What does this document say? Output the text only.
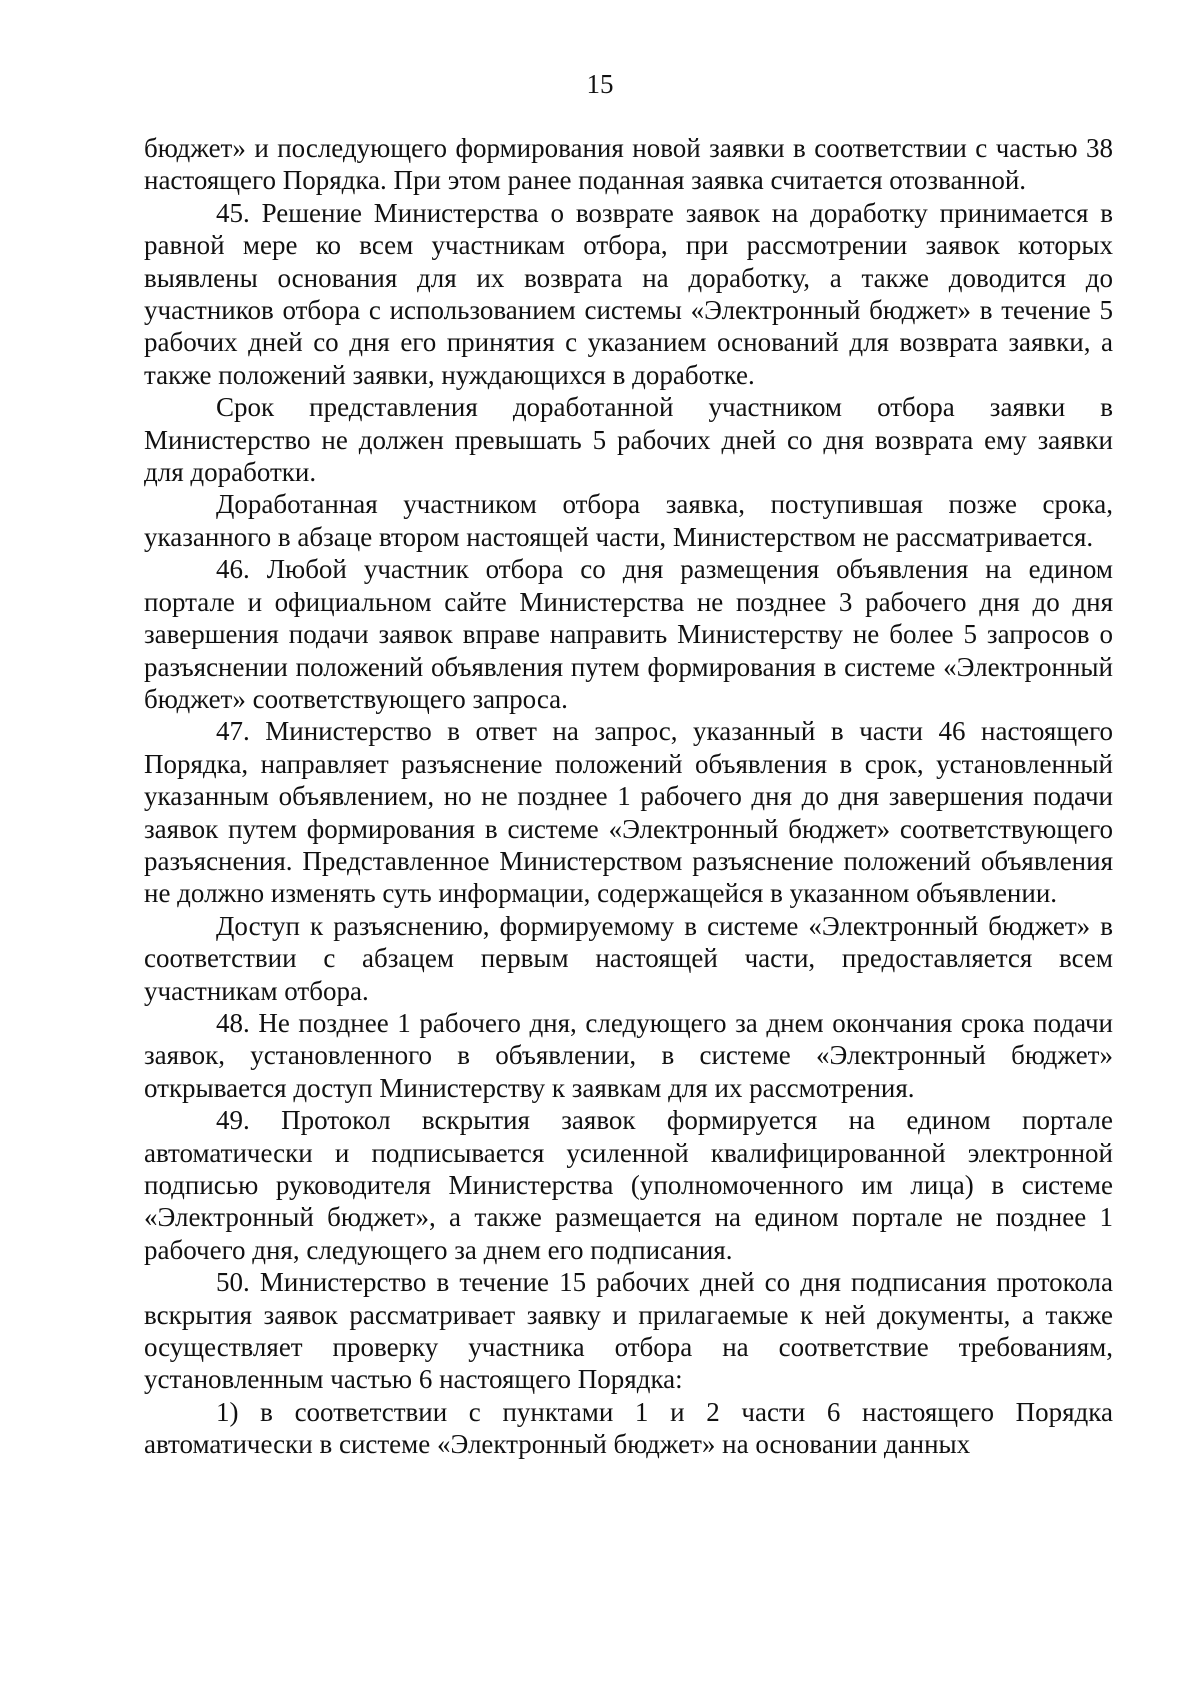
15

бюджет» и последующего формирования новой заявки в соответствии с частью 38 настоящего Порядка. При этом ранее поданная заявка считается отозванной.

45. Решение Министерства о возврате заявок на доработку принимается в равной мере ко всем участникам отбора, при рассмотрении заявок которых выявлены основания для их возврата на доработку, а также доводится до участников отбора с использованием системы «Электронный бюджет» в течение 5 рабочих дней со дня его принятия с указанием оснований для возврата заявки, а также положений заявки, нуждающихся в доработке.

Срок представления доработанной участником отбора заявки в Министерство не должен превышать 5 рабочих дней со дня возврата ему заявки для доработки.

Доработанная участником отбора заявка, поступившая позже срока, указанного в абзаце втором настоящей части, Министерством не рассматривается.

46. Любой участник отбора со дня размещения объявления на едином портале и официальном сайте Министерства не позднее 3 рабочего дня до дня завершения подачи заявок вправе направить Министерству не более 5 запросов о разъяснении положений объявления путем формирования в системе «Электронный бюджет» соответствующего запроса.

47. Министерство в ответ на запрос, указанный в части 46 настоящего Порядка, направляет разъяснение положений объявления в срок, установленный указанным объявлением, но не позднее 1 рабочего дня до дня завершения подачи заявок путем формирования в системе «Электронный бюджет» соответствующего разъяснения. Представленное Министерством разъяснение положений объявления не должно изменять суть информации, содержащейся в указанном объявлении.

Доступ к разъяснению, формируемому в системе «Электронный бюджет» в соответствии с абзацем первым настоящей части, предоставляется всем участникам отбора.

48. Не позднее 1 рабочего дня, следующего за днем окончания срока подачи заявок, установленного в объявлении, в системе «Электронный бюджет» открывается доступ Министерству к заявкам для их рассмотрения.

49. Протокол вскрытия заявок формируется на едином портале автоматически и подписывается усиленной квалифицированной электронной подписью руководителя Министерства (уполномоченного им лица) в системе «Электронный бюджет», а также размещается на едином портале не позднее 1 рабочего дня, следующего за днем его подписания.

50. Министерство в течение 15 рабочих дней со дня подписания протокола вскрытия заявок рассматривает заявку и прилагаемые к ней документы, а также осуществляет проверку участника отбора на соответствие требованиям, установленным частью 6 настоящего Порядка:

1) в соответствии с пунктами 1 и 2 части 6 настоящего Порядка автоматически в системе «Электронный бюджет» на основании данных
